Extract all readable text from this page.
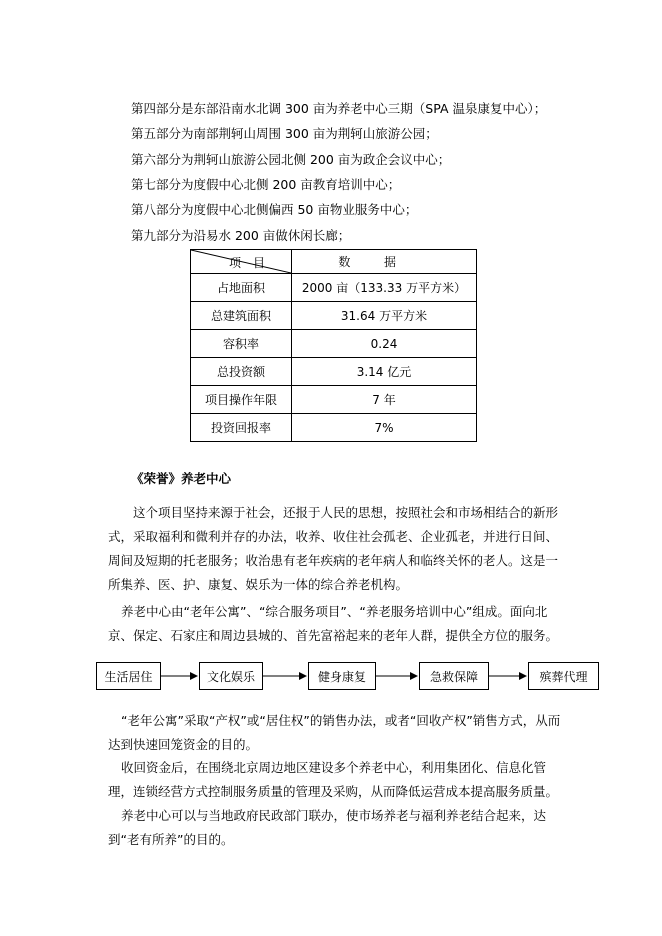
第四部分是东部沿南水北调 300 亩为养老中心三期（SPA 温泉康复中心）；
第五部分为南部荆轲山周围 300 亩为荆轲山旅游公园；
第六部分为荆轲山旅游公园北侧 200 亩为政企会议中心；
第七部分为度假中心北侧 200 亩教育培训中心；
第八部分为度假中心北侧偏西 50 亩物业服务中心；
第九部分为沿易水 200 亩做休闲长廊；
项　目	数据
占地面积	2000 亩（133.33 万平方米）
总建筑面积	31.64 万平方米
容积率	0.24
总投资额	3.14 亿元
项目操作年限	7 年
投资回报率	7%
《荣誉》养老中心
这个项目坚持来源于社会，还报于人民的思想，按照社会和市场相结合的新形式，采取福利和微利并存的办法，收养、收住社会孤老、企业孤老，并进行日间、周间及短期的托老服务；收治患有老年疾病的老年病人和临终关怀的老人。这是一所集养、医、护、康复、娱乐为一体的综合养老机构。
养老中心由“老年公寓”、“综合服务项目”、“养老服务培训中心”组成。面向北京、保定、石家庄和周边县城的、首先富裕起来的老年人群，提供全方位的服务。
生活居住	文化娱乐	健身康复	急救保障	殡葬代理
“老年公寓”采取“产权”或“居住权”的销售办法，或者“回收产权”销售方式，从而达到快速回笼资金的目的。
收回资金后，在围绕北京周边地区建设多个养老中心，利用集团化、信息化管理，连锁经营方式控制服务质量的管理及采购，从而降低运营成本提高服务质量。
养老中心可以与当地政府民政部门联办，使市场养老与福利养老结合起来，达到“老有所养”的目的。
